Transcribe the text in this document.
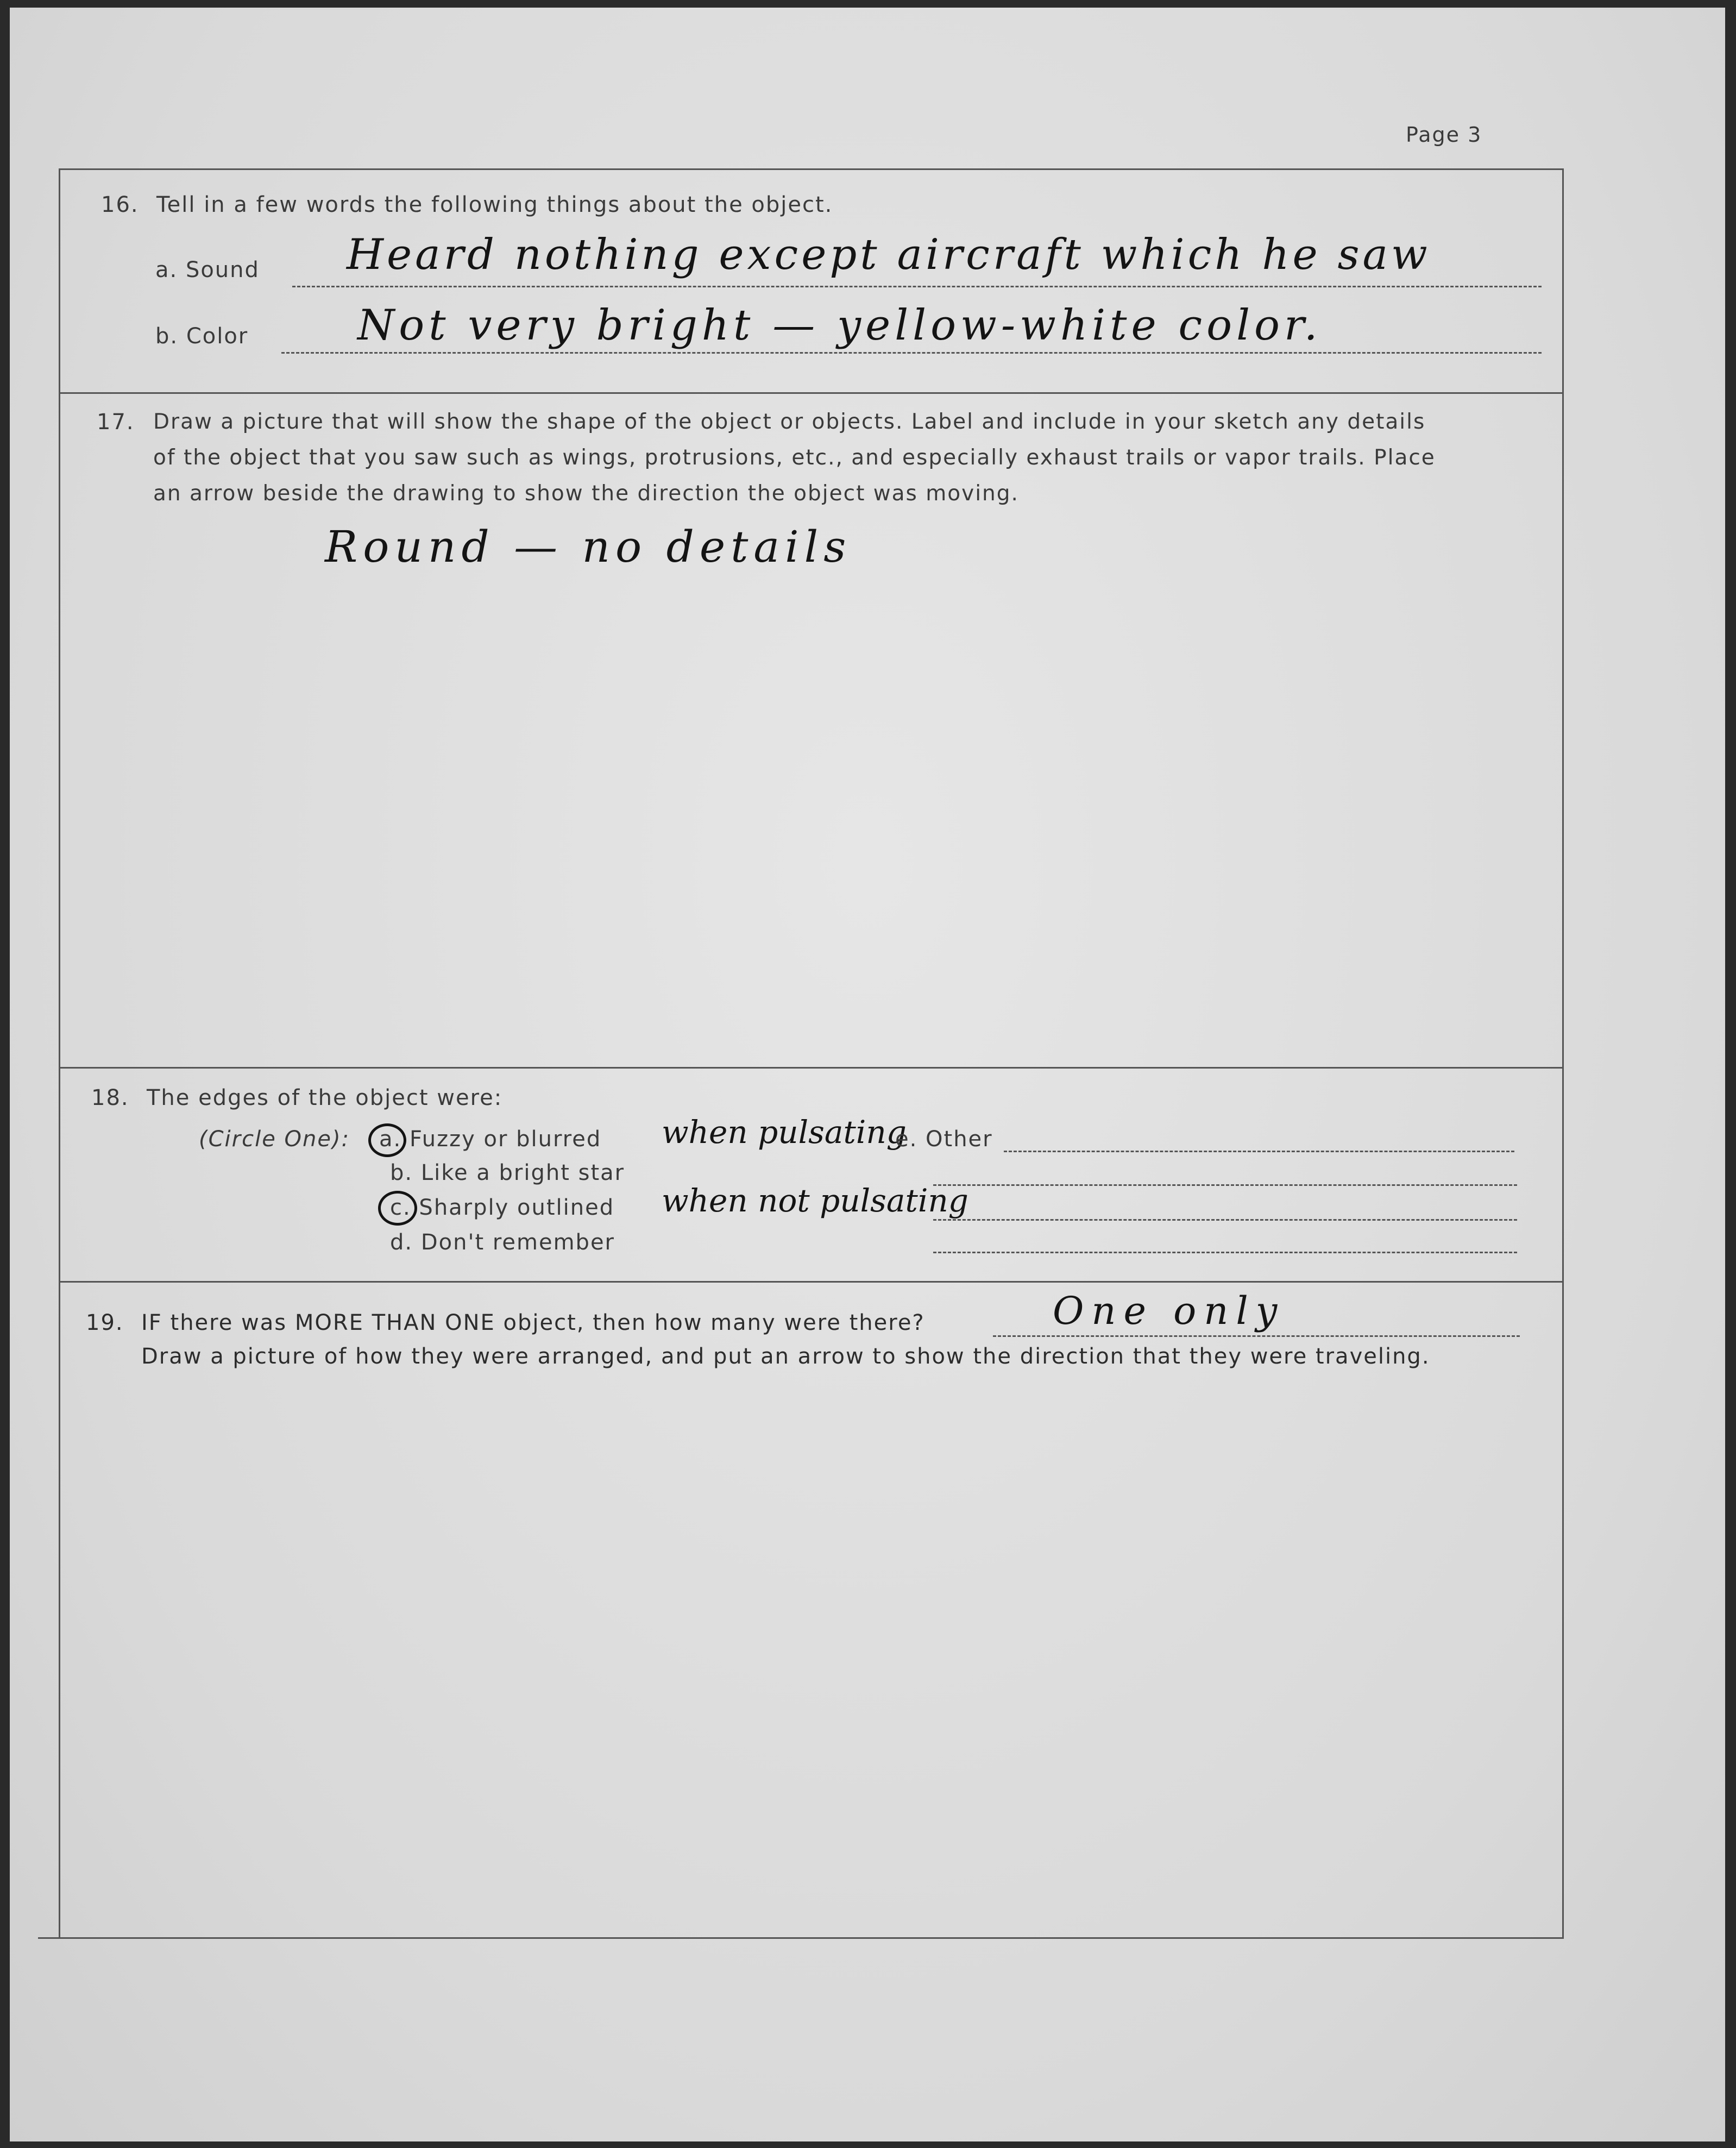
Page 3
16. Tell in a few words the following things about the object.
a. Sound Heard nothing except aircraft which he saw
b. Color	Not very bright — yellow-white color.
17. Draw a picture that will show the shape of the object or objects. Label and include in your sketch any details
of the object that you saw such as wings, protrusions, etc., and especially exhaust trails or vapor trails. Place
an arrow beside the drawing to show the direction the object was moving.
Round — no details
18. The edges of the object were:
(Circle One): a. Fuzzy or blurred when pulsating
e. Other
b. Like a bright star
c. Sharply outlined when not pulsating
d. Don't remember
19. IF there was MORE THAN ONE object, then how many were there?	One only
Draw a picture of how they were arranged, and put an arrow to show the direction that they were traveling.
